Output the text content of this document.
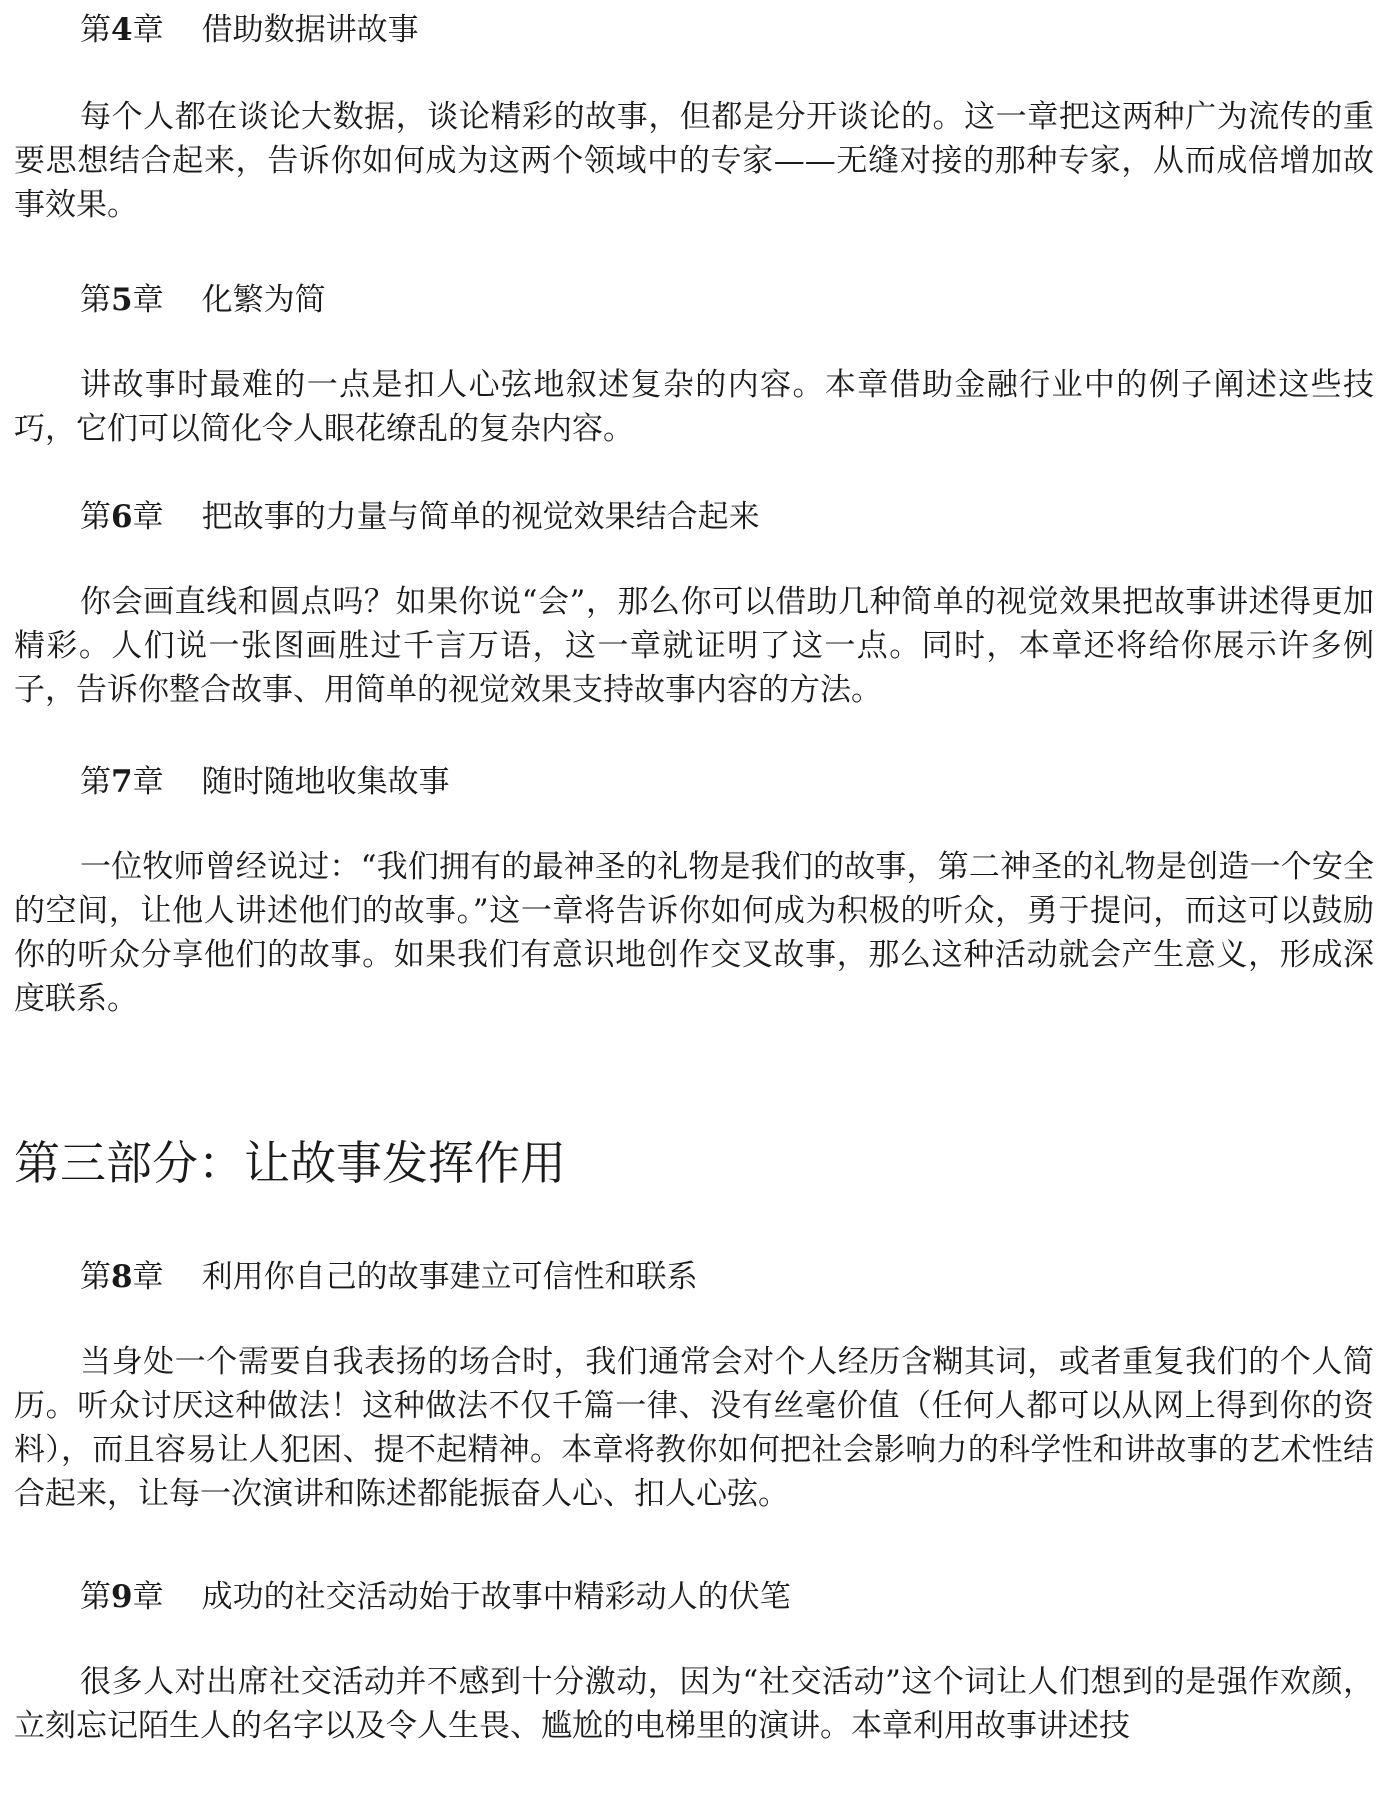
第4章 借助数据讲故事

每个人都在谈论大数据，谈论精彩的故事，但都是分开谈论的。这一章把这两种广为流传的重要思想结合起来，告诉你如何成为这两个领域中的专家——无缝对接的那种专家，从而成倍增加故事效果。

第5章 化繁为简

讲故事时最难的一点是扣人心弦地叙述复杂的内容。本章借助金融行业中的例子阐述这些技巧，它们可以简化令人眼花缭乱的复杂内容。

第6章 把故事的力量与简单的视觉效果结合起来

你会画直线和圆点吗？如果你说“会”，那么你可以借助几种简单的视觉效果把故事讲述得更加精彩。人们说一张图画胜过千言万语，这一章就证明了这一点。同时，本章还将给你展示许多例子，告诉你整合故事、用简单的视觉效果支持故事内容的方法。

第7章 随时随地收集故事

一位牧师曾经说过：“我们拥有的最神圣的礼物是我们的故事，第二神圣的礼物是创造一个安全的空间，让他人讲述他们的故事。”这一章将告诉你如何成为积极的听众，勇于提问，而这可以鼓励你的听众分享他们的故事。如果我们有意识地创作交叉故事，那么这种活动就会产生意义，形成深度联系。

第三部分：让故事发挥作用
第8章 利用你自己的故事建立可信性和联系

当身处一个需要自我表扬的场合时，我们通常会对个人经历含糊其词，或者重复我们的个人简历。听众讨厌这种做法！这种做法不仅千篇一律、没有丝毫价值（任何人都可以从网上得到你的资料），而且容易让人犯困、提不起精神。本章将教你如何把社会影响力的科学性和讲故事的艺术性结合起来，让每一次演讲和陈述都能振奋人心、扣人心弦。

第9章 成功的社交活动始于故事中精彩动人的伏笔

很多人对出席社交活动并不感到十分激动，因为“社交活动”这个词让人们想到的是强作欢颜，立刻忘记陌生人的名字以及令人生畏、尴尬的电梯里的演讲。本章利用故事讲述技
